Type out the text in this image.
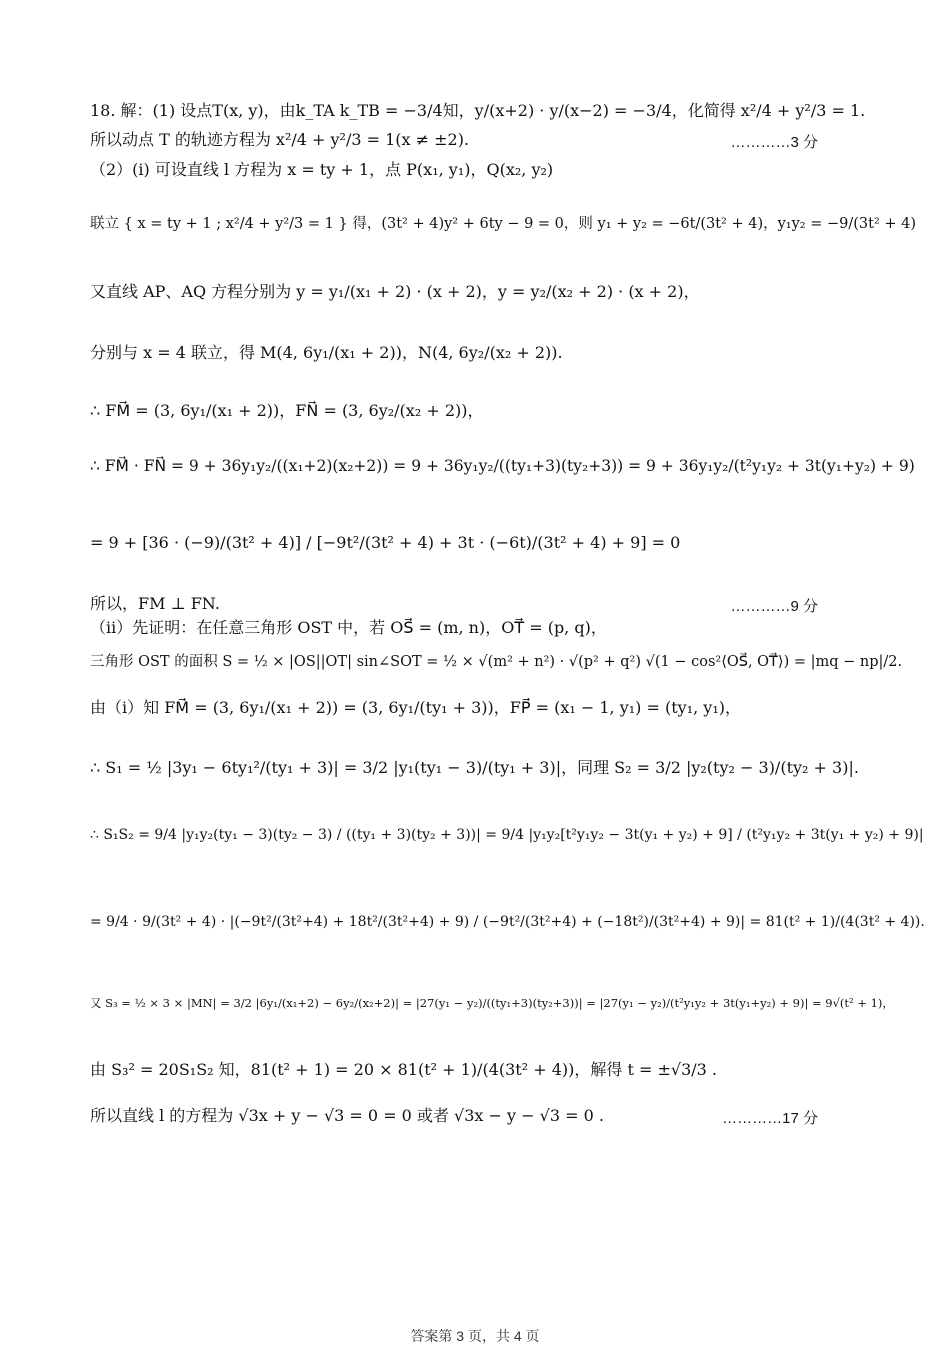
18. 解：(1) 设点T(x, y)，由k_TA k_TB = −3/4知，y/(x+2) · y/(x−2) = −3/4，化简得 x²/4 + y²/3 = 1.
所以动点 T 的轨迹方程为 x²/4 + y²/3 = 1(x ≠ ±2).	…………3 分
（2）(i) 可设直线 l 方程为 x = ty + 1，点 P(x₁, y₁)，Q(x₂, y₂)
联立 { x = ty + 1 ; x²/4 + y²/3 = 1 } 得，(3t² + 4)y² + 6ty − 9 = 0，则 y₁ + y₂ = −6t/(3t² + 4)，y₁y₂ = −9/(3t² + 4)
又直线 AP、AQ 方程分别为 y = y₁/(x₁ + 2) · (x + 2)，y = y₂/(x₂ + 2) · (x + 2)，
分别与 x = 4 联立，得 M(4, 6y₁/(x₁ + 2))，N(4, 6y₂/(x₂ + 2)).
∴ FM⃗ = (3, 6y₁/(x₁ + 2))，FN⃗ = (3, 6y₂/(x₂ + 2))，
∴ FM⃗ · FN⃗ = 9 + 36y₁y₂/((x₁+2)(x₂+2)) = 9 + 36y₁y₂/((ty₁+3)(ty₂+3)) = 9 + 36y₁y₂/(t²y₁y₂ + 3t(y₁+y₂) + 9)
= 9 + [36 · (−9)/(3t² + 4)] / [−9t²/(3t² + 4) + 3t · (−6t)/(3t² + 4) + 9] = 0
所以，FM ⊥ FN.	…………9 分
（ii）先证明：在任意三角形 OST 中，若 OS⃗ = (m, n)，OT⃗ = (p, q)，
三角形 OST 的面积 S = ½ × |OS||OT| sin∠SOT = ½ × √(m² + n²) · √(p² + q²) √(1 − cos²⟨OS⃗, OT⃗⟩) = |mq − np|/2.
由（i）知 FM⃗ = (3, 6y₁/(x₁ + 2)) = (3, 6y₁/(ty₁ + 3))，FP⃗ = (x₁ − 1, y₁) = (ty₁, y₁)，
∴ S₁ = ½ |3y₁ − 6ty₁²/(ty₁ + 3)| = 3/2 |y₁(ty₁ − 3)/(ty₁ + 3)|，同理 S₂ = 3/2 |y₂(ty₂ − 3)/(ty₂ + 3)|.
∴ S₁S₂ = 9/4 |y₁y₂(ty₁ − 3)(ty₂ − 3) / ((ty₁ + 3)(ty₂ + 3))| = 9/4 |y₁y₂[t²y₁y₂ − 3t(y₁ + y₂) + 9] / (t²y₁y₂ + 3t(y₁ + y₂) + 9)|
= 9/4 · 9/(3t² + 4) · |(−9t²/(3t²+4) + 18t²/(3t²+4) + 9) / (−9t²/(3t²+4) + (−18t²)/(3t²+4) + 9)| = 81(t² + 1)/(4(3t² + 4)).
又 S₃ = ½ × 3 × |MN| = 3/2 |6y₁/(x₁+2) − 6y₂/(x₂+2)| = |27(y₁ − y₂)/((ty₁+3)(ty₂+3))| = |27(y₁ − y₂)/(t²y₁y₂ + 3t(y₁+y₂) + 9)| = 9√(t² + 1)，
由 S₃² = 20S₁S₂ 知，81(t² + 1) = 20 × 81(t² + 1)/(4(3t² + 4))，解得 t = ±√3/3 .
所以直线 l 的方程为 √3x + y − √3 = 0 = 0 或者 √3x − y − √3 = 0 .	…………17 分
答案第 3 页，共 4 页
